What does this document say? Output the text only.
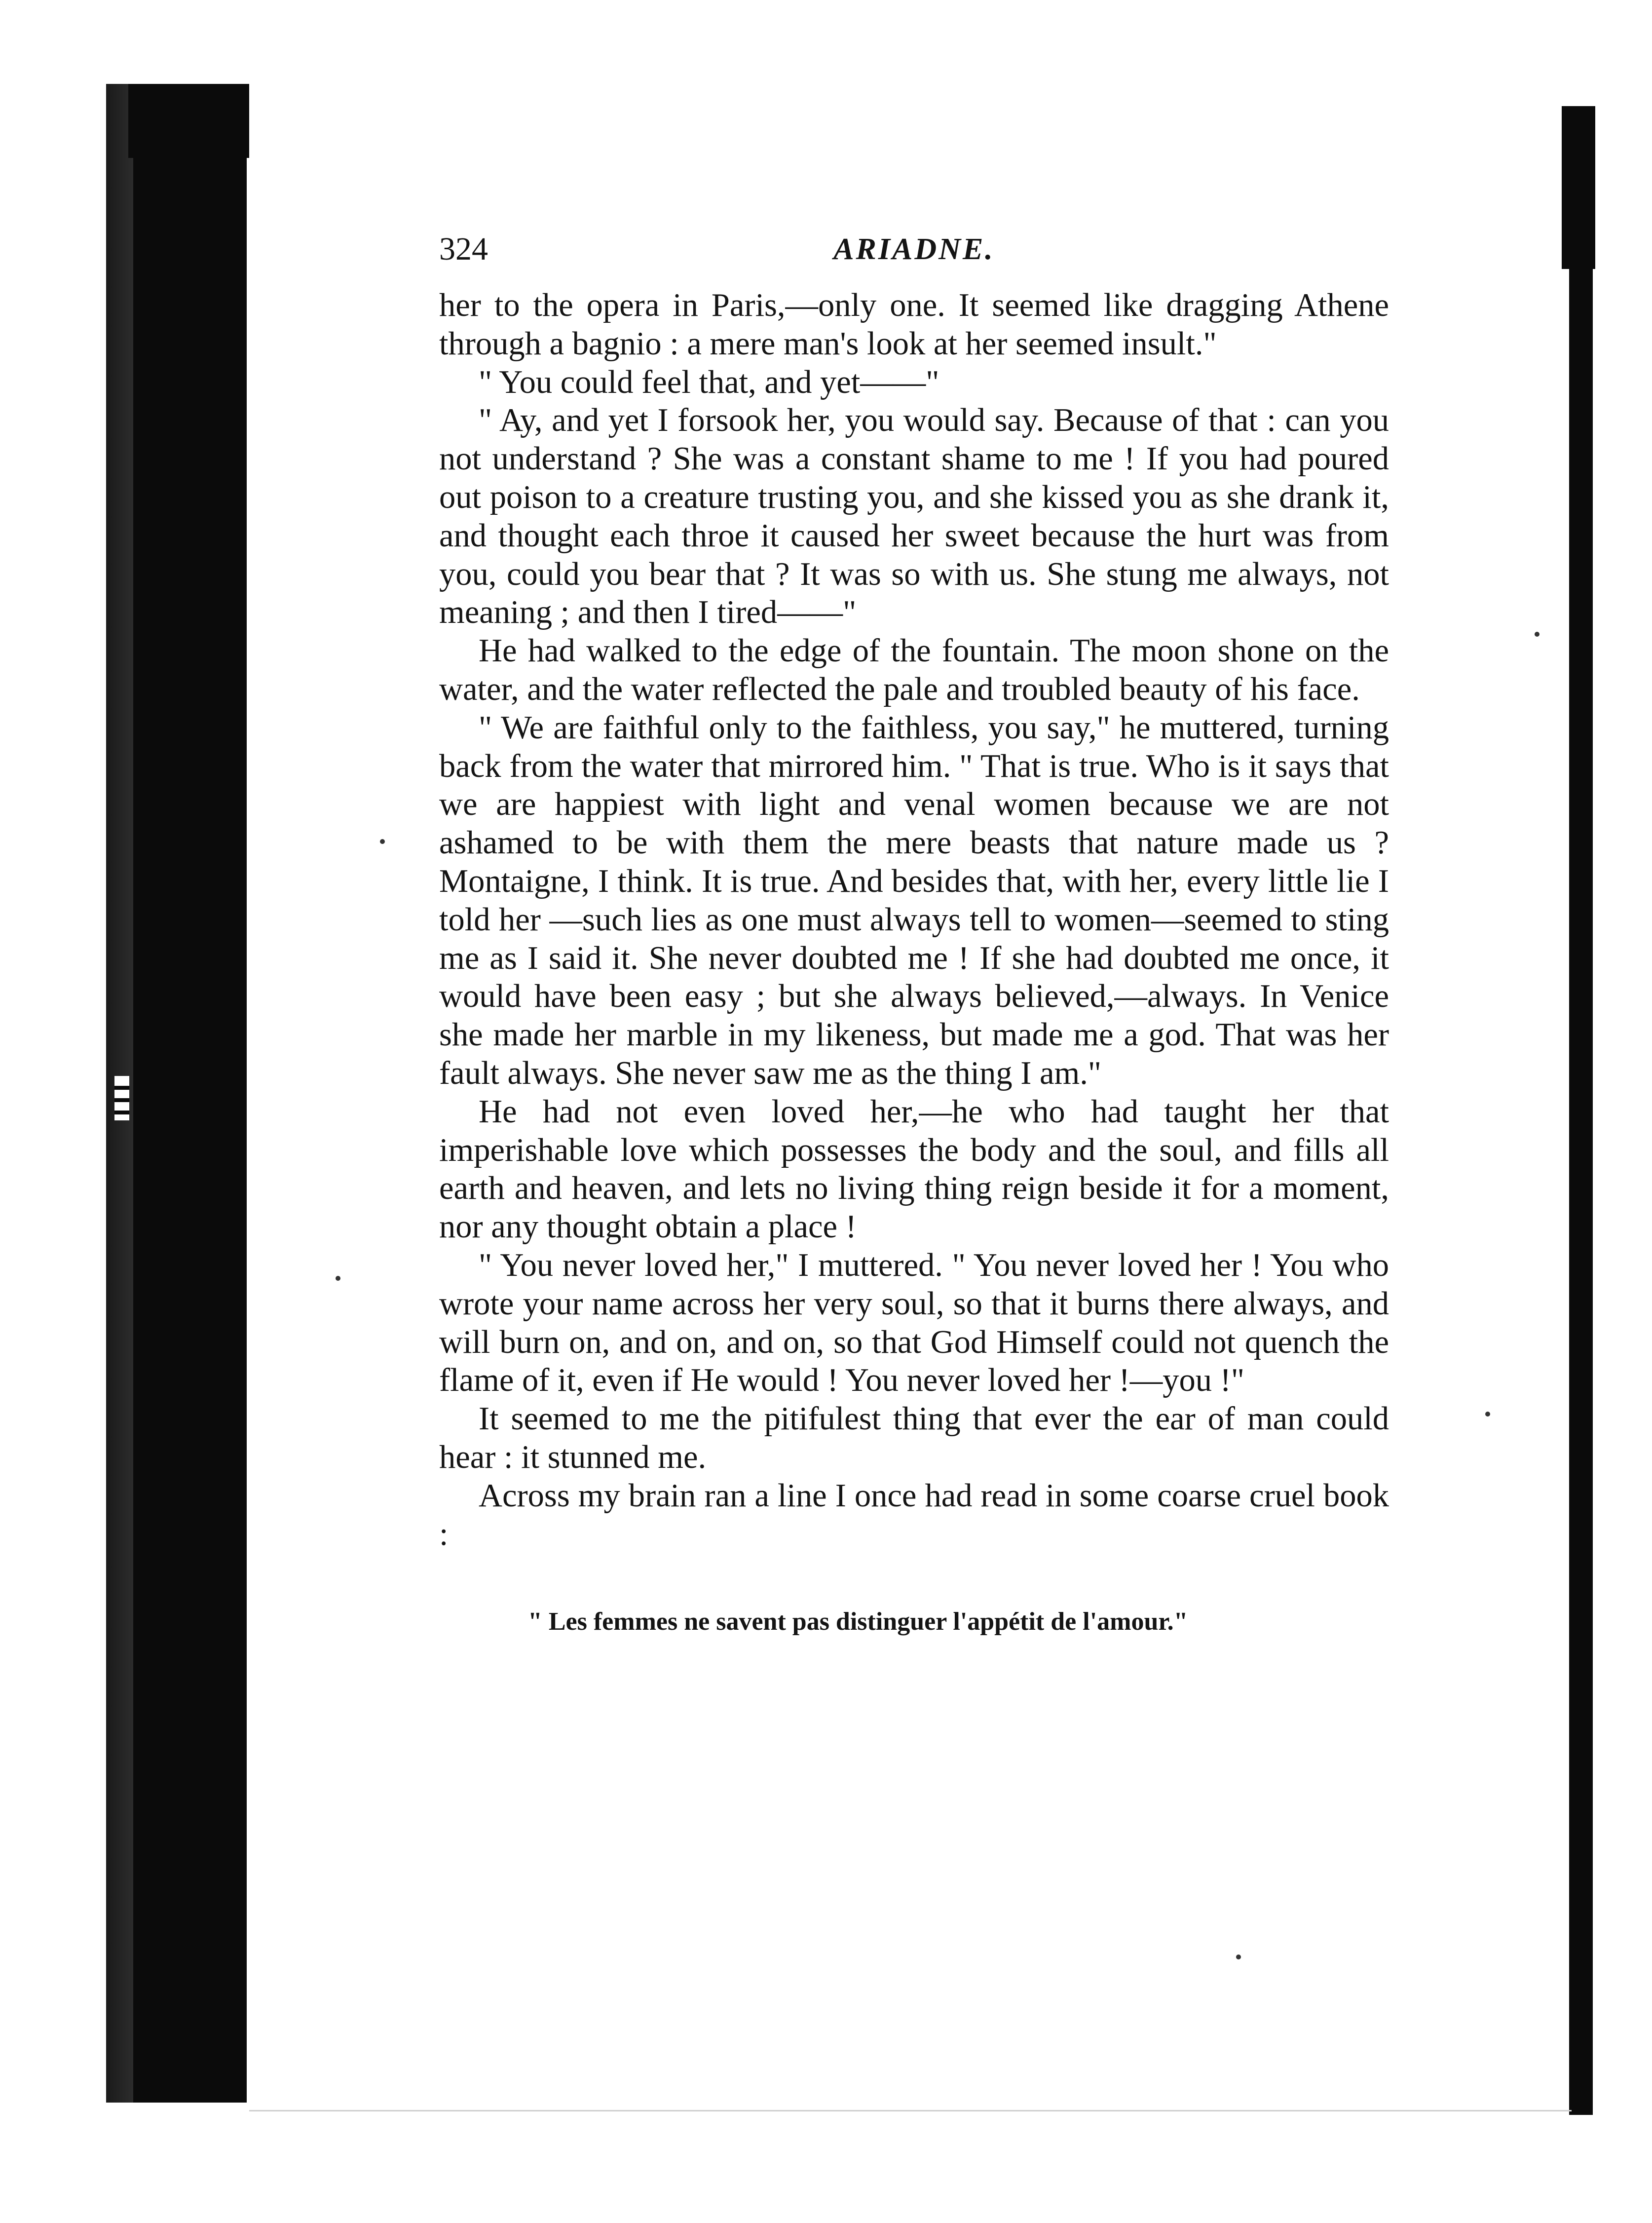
324	ARIADNE.

her to the opera in Paris,—only one. It seemed like dragging Athene through a bagnio : a mere man's look at her seemed insult."

" You could feel that, and yet——"

" Ay, and yet I forsook her, you would say. Because of that : can you not understand ? She was a constant shame to me ! If you had poured out poison to a creature trusting you, and she kissed you as she drank it, and thought each throe it caused her sweet because the hurt was from you, could you bear that ? It was so with us. She stung me always, not meaning ; and then I tired——"

He had walked to the edge of the fountain. The moon shone on the water, and the water reflected the pale and troubled beauty of his face.

" We are faithful only to the faithless, you say," he muttered, turning back from the water that mirrored him. " That is true. Who is it says that we are happiest with light and venal women because we are not ashamed to be with them the mere beasts that nature made us ? Montaigne, I think. It is true. And besides that, with her, every little lie I told her —such lies as one must always tell to women—seemed to sting me as I said it. She never doubted me ! If she had doubted me once, it would have been easy ; but she always believed,—always. In Venice she made her marble in my likeness, but made me a god. That was her fault always. She never saw me as the thing I am."

He had not even loved her,—he who had taught her that imperishable love which possesses the body and the soul, and fills all earth and heaven, and lets no living thing reign beside it for a moment, nor any thought obtain a place !

" You never loved her," I muttered. " You never loved her ! You who wrote your name across her very soul, so that it burns there always, and will burn on, and on, and on, so that God Himself could not quench the flame of it, even if He would ! You never loved her !—you !"

It seemed to me the pitifulest thing that ever the ear of man could hear : it stunned me.

Across my brain ran a line I once had read in some coarse cruel book :

" Les femmes ne savent pas distinguer l'appétit de l'amour."
